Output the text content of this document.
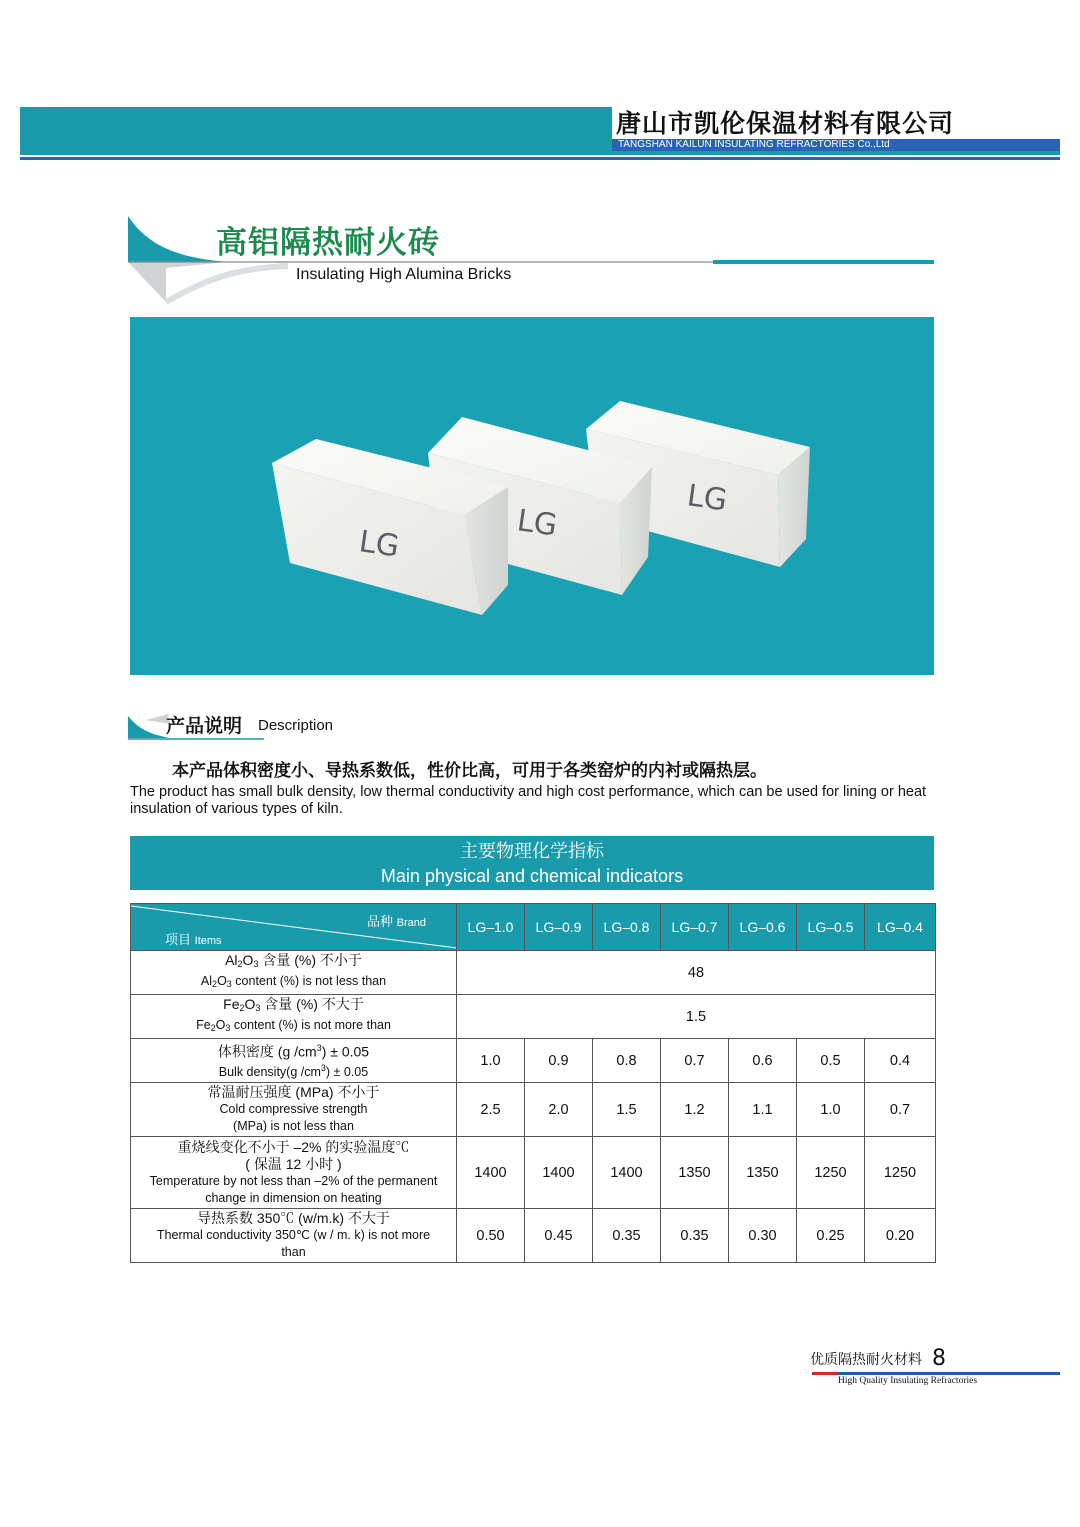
唐山市凯伦保温材料有限公司
TANGSHAN KAILUN INSULATING REFRACTORIES Co.,Ltd
高铝隔热耐火砖
Insulating High Alumina Bricks
LG
LG
LG
产品说明 Description
本产品体积密度小、导热系数低，性价比高，可用于各类窑炉的内衬或隔热层。
The product has small bulk density, low thermal conductivity and high cost performance, which can be used for lining or heat insulation of various types of kiln.
主要物理化学指标
Main physical and chemical indicators
品种 Brand
项目 Items	LG–1.0	LG–0.9	LG–0.8	LG–0.7	LG–0.6	LG–0.5	LG–0.4

$Al_2O_3$ 含量 (%) 不小于
$Al_2O_3$ content (%) is not less than	48						

$Fe_2O_3$ 含量 (%) 不大于
$Fe_2O_3$ content (%) is not more than	1.5						

体积密度 (g $/cm^3) \pm 0.05$
Bulk density(g $/cm^3) \pm 0.05$	1.0	0.9	0.8	0.7	0.6	0.5	0.4

常温耐压强度 (MPa) 不小于
Cold compressive strength
(MPa) is not less than	2.5	2.0	1.5	1.2	1.1	1.0	0.7

重烧线变化不小于 –2% 的实验温度℃
( 保温 12 小时 )
Temperature by not less than –2% of the permanent
change in dimension on heating	1400	1400	1400	1350	1350	1250	1250

导热系数 350℃ (w/m.k) 不大于
Thermal conductivity 350℃ (w / m. k) is not more
than	0.50	0.45	0.35	0.35	0.30	0.25	0.20
优质隔热耐火材料 8
High Quality Insulating Refractories
